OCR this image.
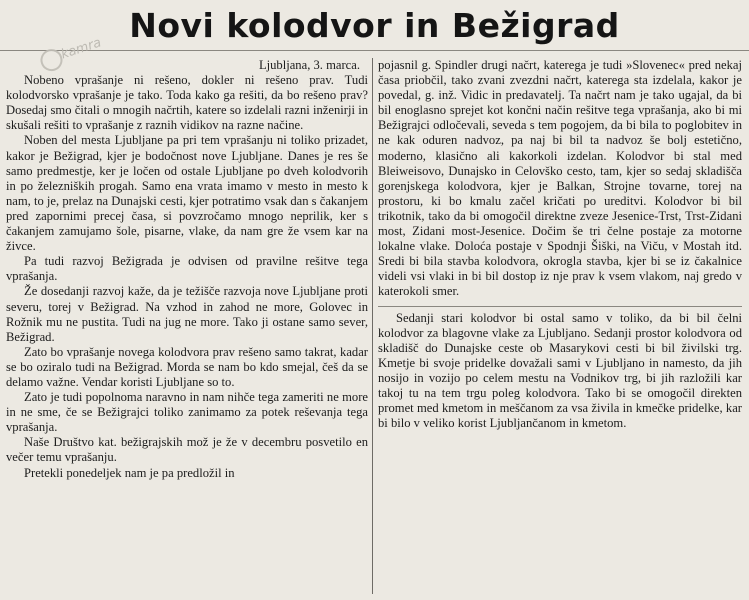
Novi kolodvor in Bežigrad
kamra
Ljubljana, 3. marca.

Nobeno vprašanje ni rešeno, dokler ni rešeno prav. Tudi kolodvorsko vprašanje je tako. Toda kako ga rešiti, da bo rešeno prav? Dosedaj smo čitali o mnogih načrtih, katere so izdelali razni inženirji in skušali rešiti to vprašanje z raznih vidikov na razne načine.

Noben del mesta Ljubljane pa pri tem vprašanju ni toliko prizadet, kakor je Bežigrad, kjer je bodočnost nove Ljubljane. Danes je res še samo predmestje, ker je ločen od ostale Ljubljane po dveh kolodvorih in po železniških progah. Samo ena vrata imamo v mesto in mesto k nam, to je, prelaz na Dunajski cesti, kjer potratimo vsak dan s čakanjem pred zapornimi precej časa, si povzročamo mnogo neprilik, ker s čakanjem zamujamo šole, pisarne, vlake, da nam gre že vsem kar na živce.

Pa tudi razvoj Bežigrada je odvisen od pravilne rešitve tega vprašanja.

Že dosedanji razvoj kaže, da je težišče razvoja nove Ljubljane proti severu, torej v Bežigrad. Na vzhod in zahod ne more, Golovec in Rožnik mu ne pustita. Tudi na jug ne more. Tako ji ostane samo sever, Bežigrad.

Zato bo vprašanje novega kolodvora prav rešeno samo takrat, kadar se bo oziralo tudi na Bežigrad. Morda se nam bo kdo smejal, češ da se delamo važne. Vendar koristi Ljubljane so to.

Zato je tudi popolnoma naravno in nam nihče tega zameriti ne more in ne sme, če se Bežigrajci toliko zanimamo za potek reševanja tega vprašanja.

Naše Društvo kat. bežigrajskih mož je že v decembru posvetilo en večer temu vprašanju.

Pretekli ponedeljek nam je pa predložil in

pojasnil g. Spindler drugi načrt, katerega je tudi »Slovenec« pred nekaj časa priobčil, tako zvani zvezdni načrt, katerega sta izdelala, kakor je povedal, g. inž. Vidic in predavatelj. Ta načrt nam je tako ugajal, da bi bil enoglasno sprejet kot končni način rešitve tega vprašanja, ako bi mi Bežigrajci odločevali, seveda s tem pogojem, da bi bila to poglobitev in ne kak oduren nadvoz, pa naj bi bil ta nadvoz še bolj estetično, moderno, klasično ali kakorkoli izdelan. Kolodvor bi stal med Bleiweisovo, Dunajsko in Celovško cesto, tam, kjer so sedaj skladišča gorenjskega kolodvora, kjer je Balkan, Strojne tovarne, torej na prostoru, ki bo kmalu začel kričati po ureditvi. Kolodvor bi bil trikotnik, tako da bi omogočil direktne zveze Jesenice-Trst, Trst-Zidani most, Zidani most-Jesenice. Dočim še tri čelne postaje za motorne lokalne vlake. Doloća postaje v Spodnji Šiški, na Viču, v Mostah itd. Sredi bi bila stavba kolodvora, okrogla stavba, kjer bi se iz čakalnice videli vsi vlaki in bi bil dostop iz nje prav k vsem vlakom, naj gredo v katerokoli smer.

Sedanji stari kolodvor bi ostal samo v toliko, da bi bil čelni kolodvor za blagovne vlake za Ljubljano. Sedanji prostor kolodvora od skladišč do Dunajske ceste ob Masarykovi cesti bi bil živilski trg. Kmetje bi svoje pridelke dovažali sami v Ljubljano in namesto, da jih nosijo in vozijo po celem mestu na Vodnikov trg, bi jih razložili kar takoj tu na tem trgu poleg kolodvora. Tako bi se omogočil direkten promet med kmetom in meščanom za vsa živila in kmečke pridelke, kar bi bilo v veliko korist Ljubljančanom in kmetom.
